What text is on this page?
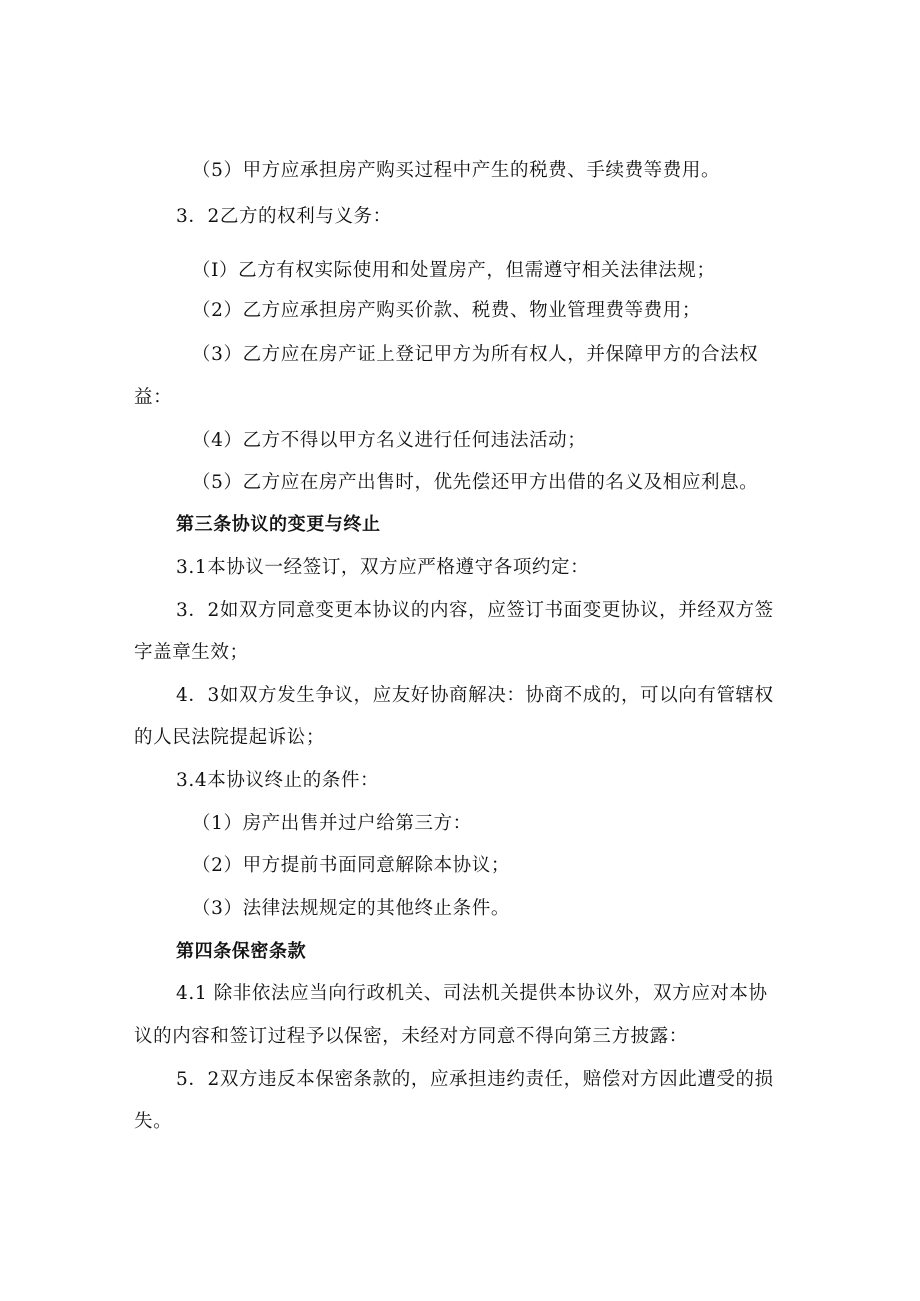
（5）甲方应承担房产购买过程中产生的税费、手续费等费用。
3．2乙方的权利与义务：
（I）乙方有权实际使用和处置房产，但需遵守相关法律法规；
（2）乙方应承担房产购买价款、税费、物业管理费等费用；
（3）乙方应在房产证上登记甲方为所有权人，并保障甲方的合法权
益：
（4）乙方不得以甲方名义进行任何违法活动；
（5）乙方应在房产出售时，优先偿还甲方出借的名义及相应利息。
第三条协议的变更与终止
3.1本协议一经签订，双方应严格遵守各项约定：
3．2如双方同意变更本协议的内容，应签订书面变更协议，并经双方签
字盖章生效；
4．3如双方发生争议，应友好协商解决：协商不成的，可以向有管辖权
的人民法院提起诉讼；
3.4本协议终止的条件：
（1）房产出售并过户给第三方：
（2）甲方提前书面同意解除本协议；
（3）法律法规规定的其他终止条件。
第四条保密条款
4.1 除非依法应当向行政机关、司法机关提供本协议外，双方应对本协
议的内容和签订过程予以保密，未经对方同意不得向第三方披露：
5．2双方违反本保密条款的，应承担违约责任，赔偿对方因此遭受的损
失。
